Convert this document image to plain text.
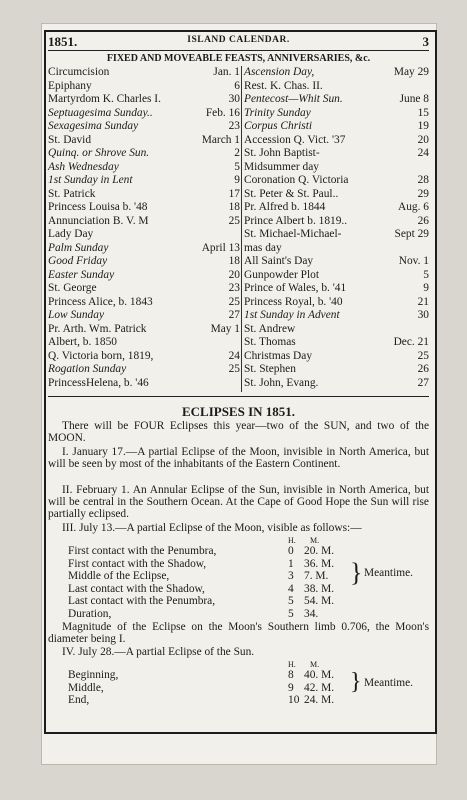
1851.	ISLAND CALENDAR.	3
FIXED AND MOVEABLE FEASTS, ANNIVERSARIES, &c.
Circumcision	Jan. 1
Epiphany	6
Martyrdom K. Charles I.	30
Septuagesima Sunday..	Feb. 16
Sexagesima Sunday	23
St. David	March 1
Quinq. or Shrove Sun.	2
Ash Wednesday	5
1st Sunday in Lent	9
St. Patrick	17
Princess Louisa b. '48	18
Annunciation B. V. M	25
Lady Day
Palm Sunday	April 13
Good Friday	18
Easter Sunday	20
St. George	23
Princess Alice, b. 1843	25
Low Sunday	27
Pr. Arth. Wm. Patrick	May 1
Albert, b. 1850
Q. Victoria born, 1819,	24
Rogation Sunday	25
PrincessHelena, b. '46
Ascension Day,	May 29
Rest. K. Chas. II.
Pentecost—Whit Sun.	June 8
Trinity Sunday	15
Corpus Christi	19
Accession Q. Vict. '37	20
St. John Baptist-	24
Midsummer day
Coronation Q. Victoria	28
St. Peter & St. Paul..	29
Pr. Alfred b. 1844	Aug. 6
Prince Albert b. 1819..	26
St. Michael-Michael-	Sept 29
mas day
All Saint's Day	Nov. 1
Gunpowder Plot	5
Prince of Wales, b. '41	9
Princess Royal, b. '40	21
1st Sunday in Advent	30
St. Andrew
St. Thomas	Dec. 21
Christmas Day	25
St. Stephen	26
St. John, Evang.	27
ECLIPSES IN 1851.
There will be FOUR Eclipses this year—two of the SUN, and two of the MOON.
I. January 17.—A partial Eclipse of the Moon, invisible in North America, but will be seen by most of the inhabitants of the Eastern Continent.
II. February 1. An Annular Eclipse of the Sun, invisible in North America, but will be central in the Southern Ocean. At the Cape of Good Hope the Sun will rise partially eclipsed.
III. July 13.—A partial Eclipse of the Moon, visible as follows:—
H. M.
First contact with the Penumbra,	0 20. M.
First contact with the Shadow,	1 36. M.
Middle of the Eclipse,	3 7. M.
Last contact with the Shadow,	4 38. M.
Last contact with the Penumbra,	5 54. M.
Duration,	5 34.
} Meantime.
Magnitude of the Eclipse on the Moon's Southern limb 0.706, the Moon's diameter being I.
IV. July 28.—A partial Eclipse of the Sun.
H. M.
Beginning,	8 40. M.
Middle,	9 42. M.
End,	10 24. M.
} Meantime.
